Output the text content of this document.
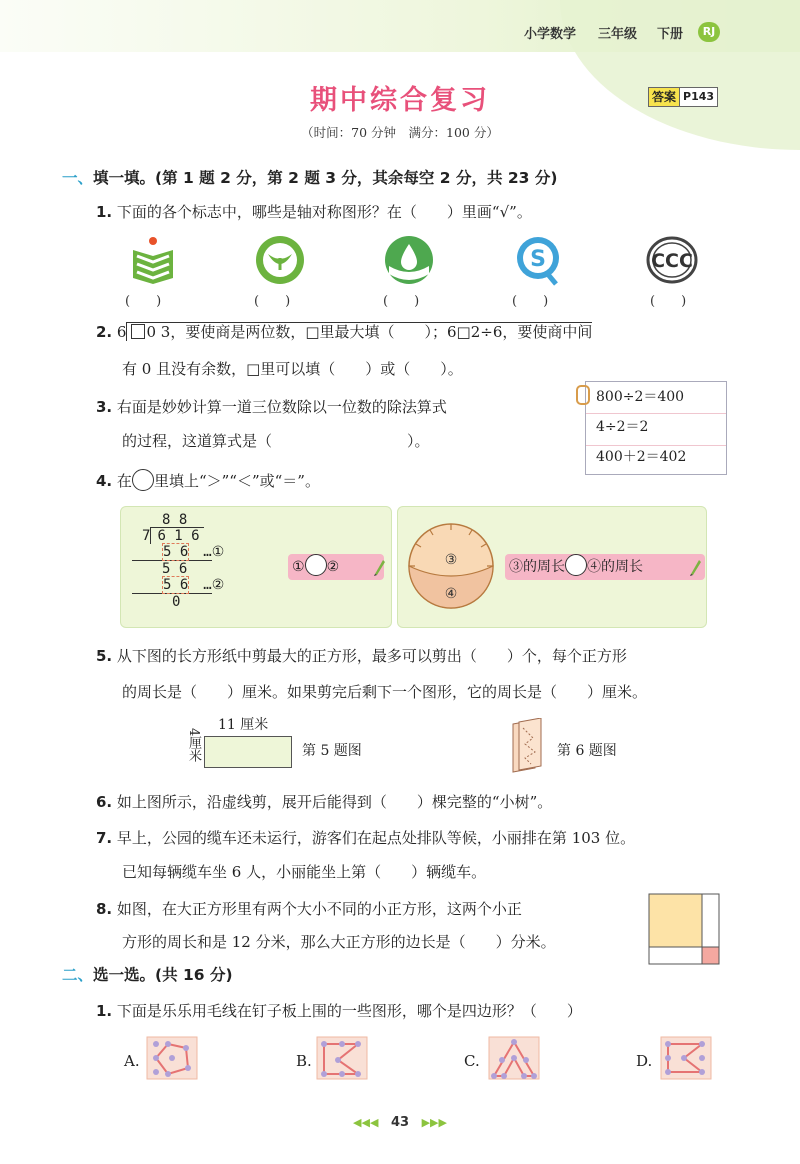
小学数学 三年级 下册	RJ
期中综合复习	答案 P143
（时间：70 分钟　满分：100 分）
一、填一填。(第 1 题 2 分，第 2 题 3 分，其余每空 2 分，共 23 分)
1. 下面的各个标志中，哪些是轴对称图形？在（　　）里画“√”。
S	CCC
(　　)	(　　)	(　　)	(　　)	(　　)
2. 6 0 3，要使商是两位数，□里最大填（　　）；6□2÷6，要使商中间
有 0 且没有余数，□里可以填（　　）或（　　）。
3. 右面是妙妙计算一道三位数除以一位数的除法算式
的过程，这道算式是（　　　　　　　　　）。
800÷2＝400
4÷2＝2
400＋2＝402
4. 在 里填上“＞”“＜”或“＝”。
8 8
7 6 1 6
5 6 …①
5 6
5 6 …②
0
① ②	③
④
③的周长 ④的周长
5. 从下图的长方形纸中剪最大的正方形，最多可以剪出（　　）个，每个正方形
的周长是（　　）厘米。如果剪完后剩下一个图形，它的周长是（　　）厘米。
11 厘米
4厘米	第 5 题图	第 6 题图
6. 如上图所示，沿虚线剪，展开后能得到（　　）棵完整的“小树”。
7. 早上，公园的缆车还未运行，游客们在起点处排队等候，小丽排在第 103 位。
已知每辆缆车坐 6 人，小丽能坐上第（　　）辆缆车。
8. 如图，在大正方形里有两个大小不同的小正方形，这两个小正
方形的周长和是 12 分米，那么大正方形的边长是（　　）分米。
二、选一选。(共 16 分)
1. 下面是乐乐用毛线在钉子板上围的一些图形，哪个是四边形？（　　）
A.	B.	C.	D.
◀◀◀ 43 ▶▶▶
